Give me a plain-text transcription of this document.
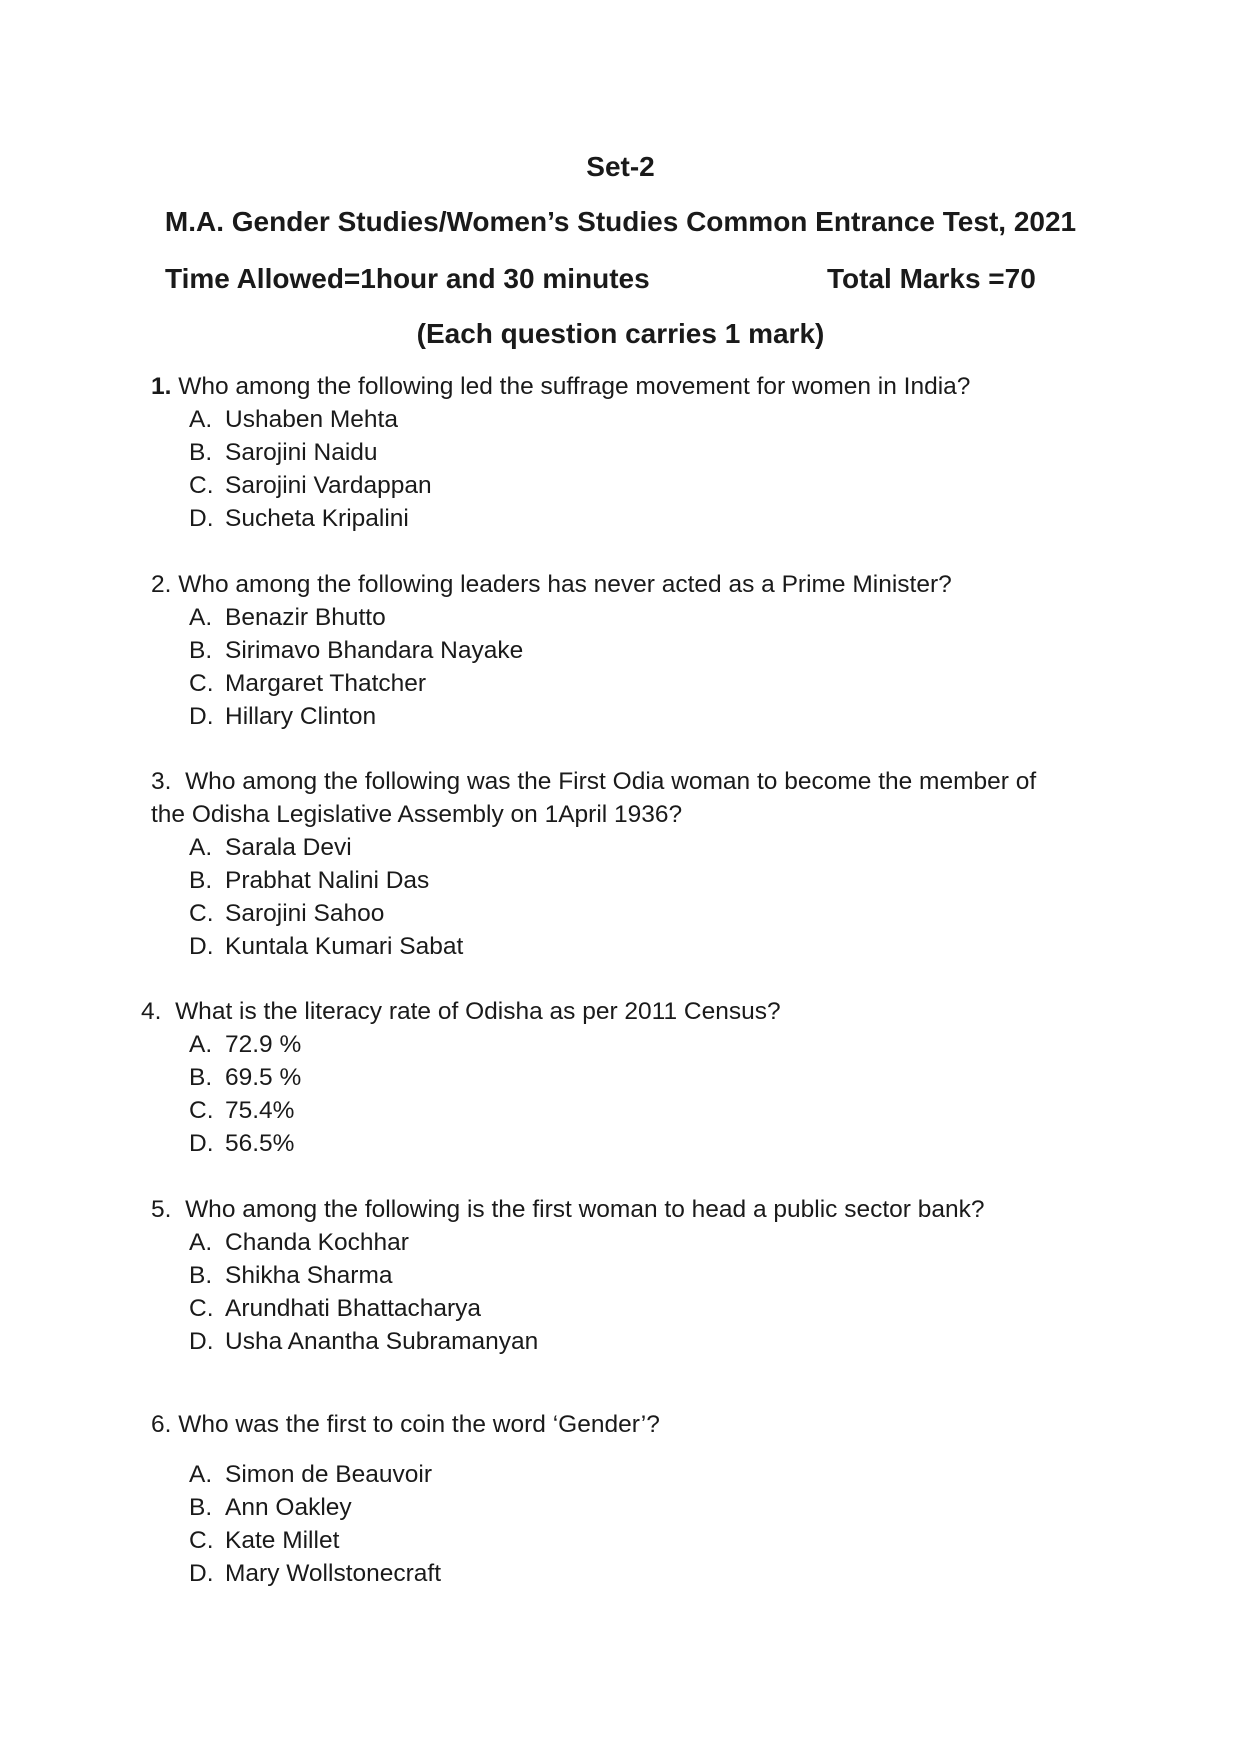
Set-2
M.A. Gender Studies/Women’s Studies Common Entrance Test, 2021
Time Allowed=1hour and 30 minutes	Total Marks =70
(Each question carries 1 mark)

1. Who among the following led the suffrage movement for women in India?

A. Ushaben Mehta
B. Sarojini Naidu
C. Sarojini Vardappan
D. Sucheta Kripalini

2. Who among the following leaders has never acted as a Prime Minister?

A. Benazir Bhutto
B. Sirimavo Bhandara Nayake
C. Margaret Thatcher
D. Hillary Clinton

3. Who among the following was the First Odia woman to become the member of

the Odisha Legislative Assembly on 1April 1936?

A. Sarala Devi
B. Prabhat Nalini Das
C. Sarojini Sahoo
D. Kuntala Kumari Sabat

4. What is the literacy rate of Odisha as per 2011 Census?

A. 72.9 %
B. 69.5 %
C. 75.4%
D. 56.5%

5. Who among the following is the first woman to head a public sector bank?

A. Chanda Kochhar
B. Shikha Sharma
C. Arundhati Bhattacharya
D. Usha Anantha Subramanyan

6. Who was the first to coin the word ‘Gender’?

A. Simon de Beauvoir
B. Ann Oakley
C. Kate Millet
D. Mary Wollstonecraft
